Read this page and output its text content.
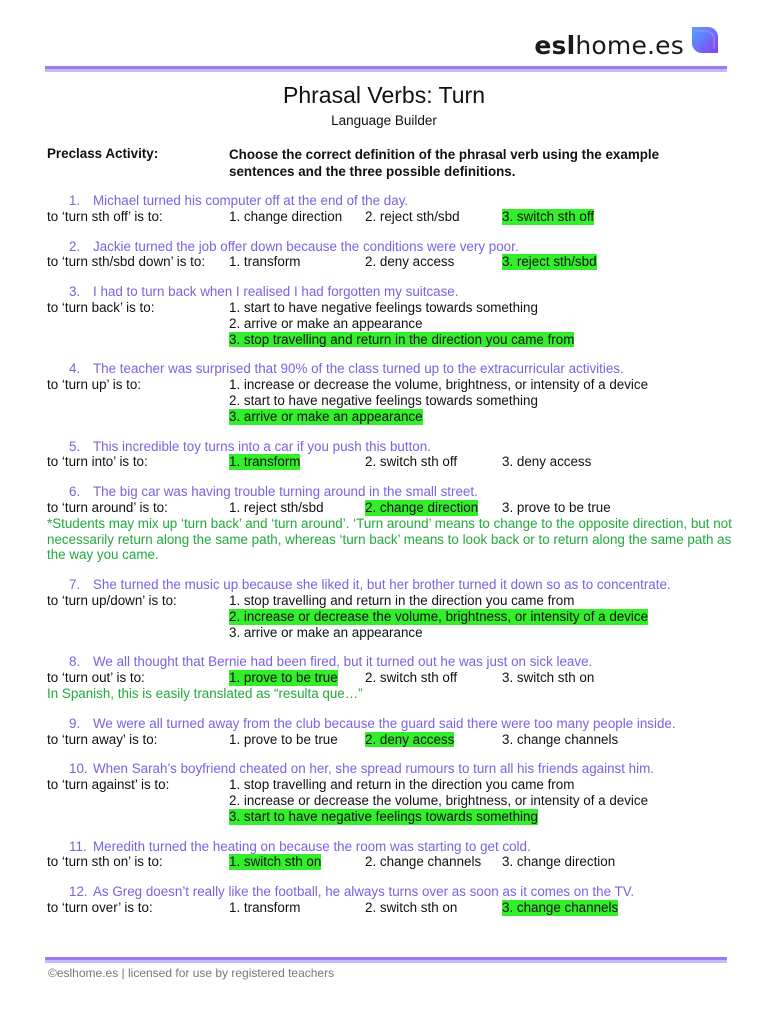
eslhome.es
Phrasal Verbs: Turn
Language Builder
Preclass Activity:	Choose the correct definition of the phrasal verb using the example sentences and the three possible definitions.
1. Michael turned his computer off at the end of the day.
to ‘turn sth off’ is to:	1. change direction 2. reject sth/sbd	3. switch sth off
2. Jackie turned the job offer down because the conditions were very poor.
to ‘turn sth/sbd down’ is to: 1. transform	2. deny access	3. reject sth/sbd
3. I had to turn back when I realised I had forgotten my suitcase.
to ‘turn back’ is to:	1. start to have negative feelings towards something
2. arrive or make an appearance
3. stop travelling and return in the direction you came from
4. The teacher was surprised that 90% of the class turned up to the extracurricular activities.
to ‘turn up’ is to:	1. increase or decrease the volume, brightness, or intensity of a device
2. start to have negative feelings towards something
3. arrive or make an appearance
5. This incredible toy turns into a car if you push this button.
to ‘turn into’ is to:	1. transform	2. switch sth off	3. deny access
6. The big car was having trouble turning around in the small street.
to ‘turn around’ is to:	1. reject sth/sbd	2. change direction 3. prove to be true
*Students may mix up ‘turn back’ and ‘turn around’. ‘Turn around’ means to change to the opposite direction, but not necessarily return along the same path, whereas ‘turn back’ means to look back or to return along the same path as the way you came.
7. She turned the music up because she liked it, but her brother turned it down so as to concentrate.
to ‘turn up/down’ is to:	1. stop travelling and return in the direction you came from
2. increase or decrease the volume, brightness, or intensity of a device
3. arrive or make an appearance
8. We all thought that Bernie had been fired, but it turned out he was just on sick leave.
to ‘turn out’ is to:	1. prove to be true 2. switch sth off	3. switch sth on
In Spanish, this is easily translated as “resulta que…”
9. We were all turned away from the club because the guard said there were too many people inside.
to ‘turn away’ is to:	1. prove to be true 2. deny access	3. change channels
10. When Sarah’s boyfriend cheated on her, she spread rumours to turn all his friends against him.
to ‘turn against’ is to:	1. stop travelling and return in the direction you came from
2. increase or decrease the volume, brightness, or intensity of a device
3. start to have negative feelings towards something
11. Meredith turned the heating on because the room was starting to get cold.
to ‘turn sth on’ is to:	1. switch sth on	2. change channels 3. change direction
12. As Greg doesn’t really like the football, he always turns over as soon as it comes on the TV.
to ‘turn over’ is to:	1. transform	2. switch sth on	3. change channels
©eslhome.es | licensed for use by registered teachers
